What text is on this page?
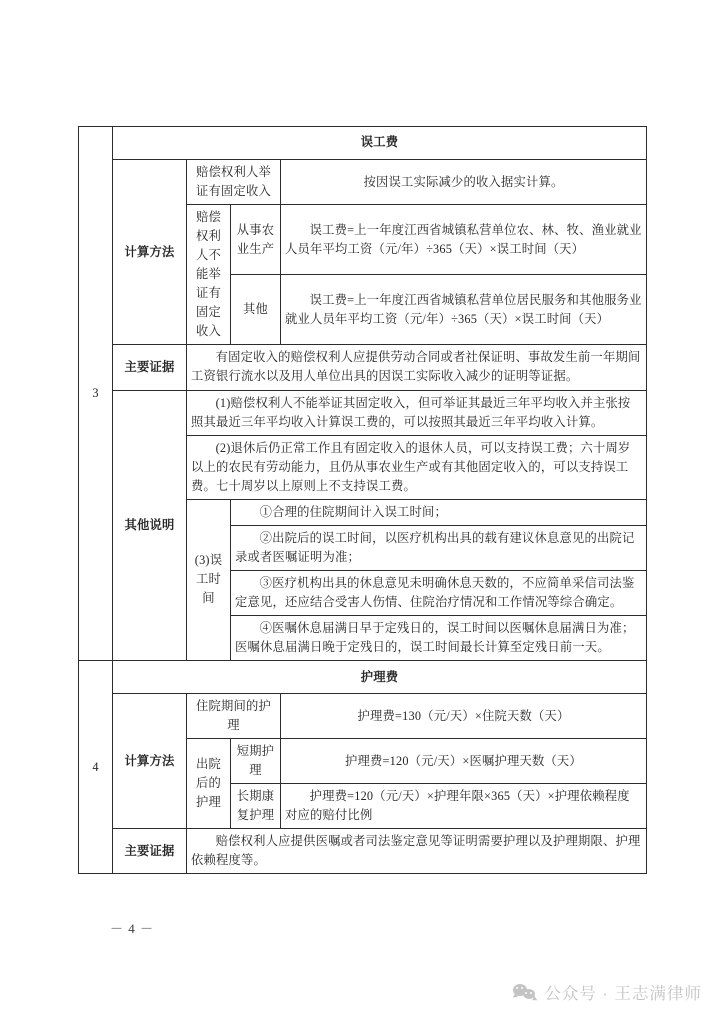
3	误工费			
	计算方法	赔偿权利人举证有固定收入		按因误工实际减少的收入据实计算。
		赔偿权利人不能举证有固定收入	从事农业生产	误工费=上一年度江西省城镇私营单位农、林、牧、渔业就业人员年平均工资（元/年）÷365（天）×误工时间（天）
			其他	误工费=上一年度江西省城镇私营单位居民服务和其他服务业就业人员年平均工资（元/年）÷365（天）×误工时间（天）
	主要证据	有固定收入的赔偿权利人应提供劳动合同或者社保证明、事故发生前一年期间工资银行流水以及用人单位出具的因误工实际收入减少的证明等证据。		
	其他说明	(1)赔偿权利人不能举证其固定收入，但可举证其最近三年平均收入并主张按照其最近三年平均收入计算误工费的，可以按照其最近三年平均收入计算。		
		(2)退休后仍正常工作且有固定收入的退休人员，可以支持误工费；六十周岁以上的农民有劳动能力，且仍从事农业生产或有其他固定收入的，可以支持误工费。七十周岁以上原则上不支持误工费。		
		(3)误工时间	①合理的住院期间计入误工时间；	
			②出院后的误工时间，以医疗机构出具的载有建议休息意见的出院记录或者医嘱证明为准；	
			③医疗机构出具的休息意见未明确休息天数的，不应简单采信司法鉴定意见，还应结合受害人伤情、住院治疗情况和工作情况等综合确定。	
			④医嘱休息届满日早于定残日的，误工时间以医嘱休息届满日为准；医嘱休息届满日晚于定残日的，误工时间最长计算至定残日前一天。	
4	护理费			
	计算方法	住院期间的护理		护理费=130（元/天）×住院天数（天）
		出院后的护理	短期护理	护理费=120（元/天）×医嘱护理天数（天）
			长期康复护理	护理费=120（元/天）×护理年限×365（天）×护理依赖程度对应的赔付比例
	主要证据	赔偿权利人应提供医嘱或者司法鉴定意见等证明需要护理以及护理期限、护理依赖程度等。		
－ 4 －
公众号 · 王志满律师
